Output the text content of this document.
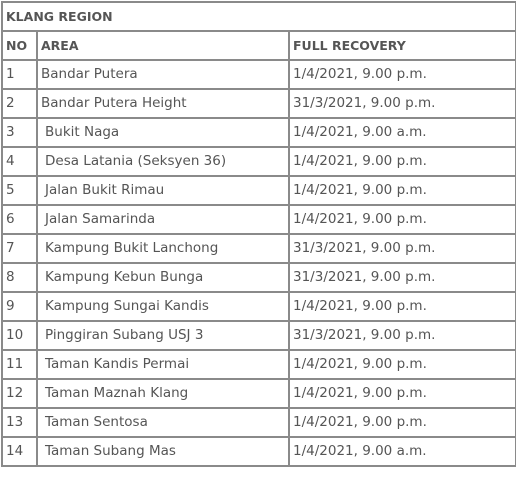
KLANG REGION		
NO	AREA	FULL RECOVERY
1	Bandar Putera	1/4/2021, 9.00 p.m.
2	Bandar Putera Height	31/3/2021, 9.00 p.m.
3	Bukit Naga	1/4/2021, 9.00 a.m.
4	Desa Latania (Seksyen 36)	1/4/2021, 9.00 p.m.
5	Jalan Bukit Rimau	1/4/2021, 9.00 p.m.
6	Jalan Samarinda	1/4/2021, 9.00 p.m.
7	Kampung Bukit Lanchong	31/3/2021, 9.00 p.m.
8	Kampung Kebun Bunga	31/3/2021, 9.00 p.m.
9	Kampung Sungai Kandis	1/4/2021, 9.00 p.m.
10	Pinggiran Subang USJ 3	31/3/2021, 9.00 p.m.
11	Taman Kandis Permai	1/4/2021, 9.00 p.m.
12	Taman Maznah Klang	1/4/2021, 9.00 p.m.
13	Taman Sentosa	1/4/2021, 9.00 p.m.
14	Taman Subang Mas	1/4/2021, 9.00 a.m.
